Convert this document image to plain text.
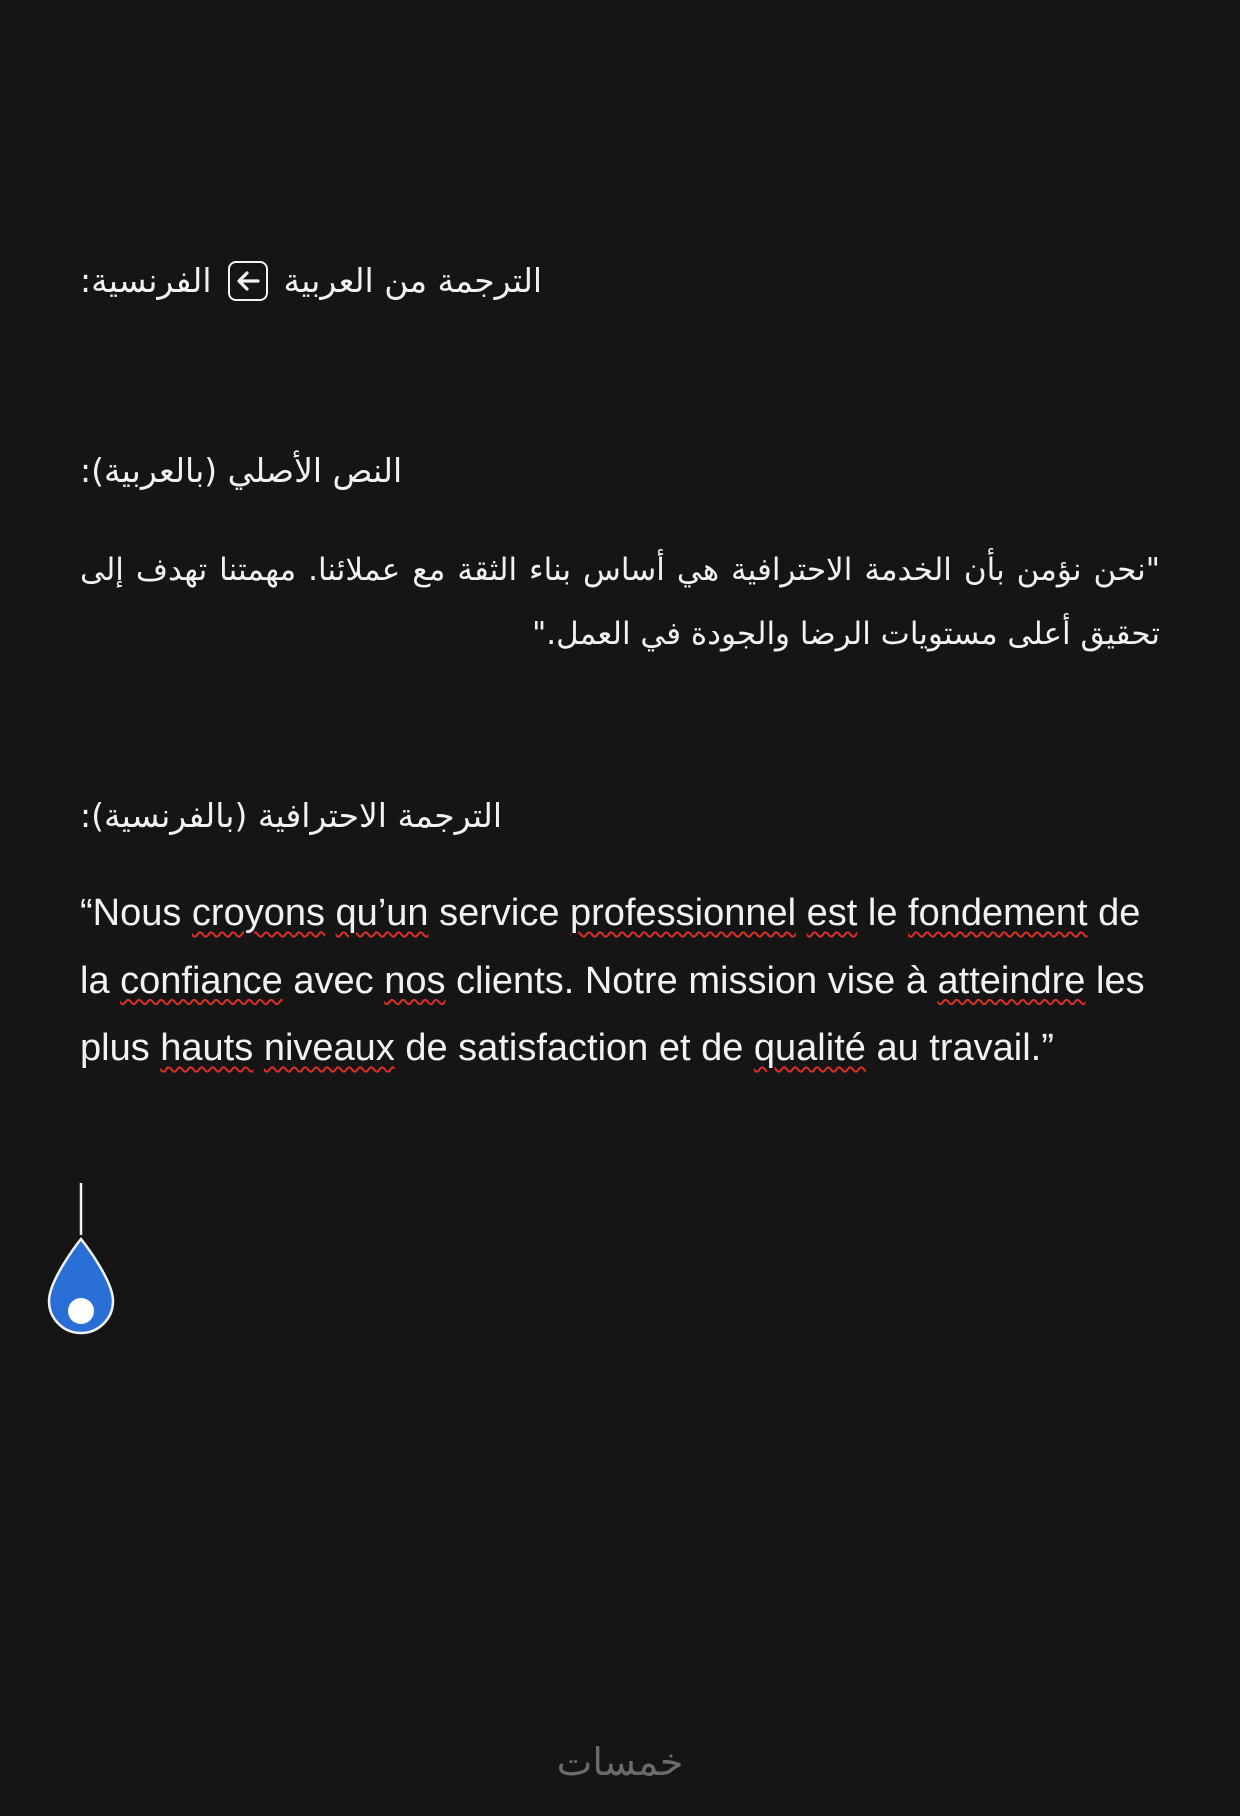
الترجمة من العربية
الفرنسية:
النص الأصلي (بالعربية):
"نحن نؤمن بأن الخدمة الاحترافية هي أساس بناء الثقة مع عملائنا. مهمتنا تهدف إلى تحقيق أعلى مستويات الرضا والجودة في العمل."
الترجمة الاحترافية (بالفرنسية):
“Nous croyons qu’un service professionnel est le fondement de la confiance avec nos clients. Notre mission vise à atteindre les plus hauts niveaux de satisfaction et de qualité au travail.”
خمسات
